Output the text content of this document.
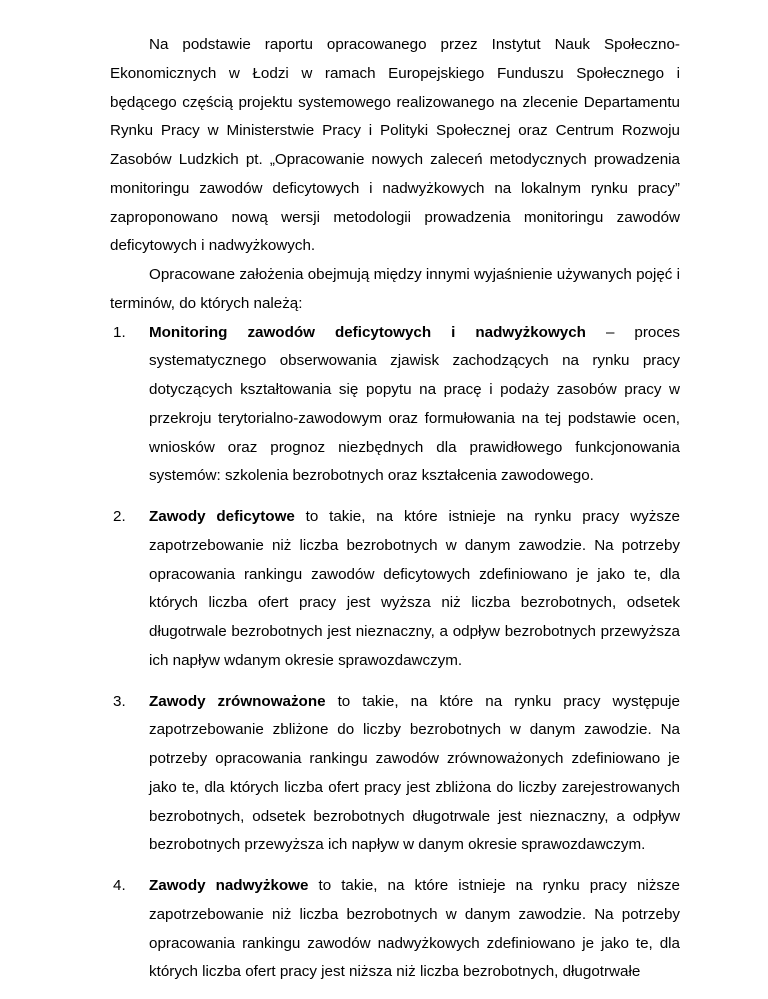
Na podstawie raportu opracowanego przez Instytut Nauk Społeczno-Ekonomicznych w Łodzi w ramach Europejskiego Funduszu Społecznego i będącego częścią projektu systemowego realizowanego na zlecenie Departamentu Rynku Pracy w Ministerstwie Pracy i Polityki Społecznej oraz Centrum Rozwoju Zasobów Ludzkich pt. „Opracowanie nowych zaleceń metodycznych prowadzenia monitoringu zawodów deficytowych i nadwyżkowych na lokalnym rynku pracy” zaproponowano nową wersji metodologii prowadzenia monitoringu zawodów deficytowych i nadwyżkowych.

Opracowane założenia obejmują między innymi wyjaśnienie używanych pojęć i terminów, do których należą:

1. Monitoring zawodów deficytowych i nadwyżkowych – proces systematycznego obserwowania zjawisk zachodzących na rynku pracy dotyczących kształtowania się popytu na pracę i podaży zasobów pracy w przekroju terytorialno-zawodowym oraz formułowania na tej podstawie ocen, wniosków oraz prognoz niezbędnych dla prawidłowego funkcjonowania systemów: szkolenia bezrobotnych oraz kształcenia zawodowego.
2. Zawody deficytowe to takie, na które istnieje na rynku pracy wyższe zapotrzebowanie niż liczba bezrobotnych w danym zawodzie. Na potrzeby opracowania rankingu zawodów deficytowych zdefiniowano je jako te, dla których liczba ofert pracy jest wyższa niż liczba bezrobotnych, odsetek długotrwale bezrobotnych jest nieznaczny, a odpływ bezrobotnych przewyższa ich napływ wdanym okresie sprawozdawczym.
3. Zawody zrównoważone to takie, na które na rynku pracy występuje zapotrzebowanie zbliżone do liczby bezrobotnych w danym zawodzie. Na potrzeby opracowania rankingu zawodów zrównoważonych zdefiniowano je jako te, dla których liczba ofert pracy jest zbliżona do liczby zarejestrowanych bezrobotnych, odsetek bezrobotnych długotrwale jest nieznaczny, a odpływ bezrobotnych przewyższa ich napływ w danym okresie sprawozdawczym.
4. Zawody nadwyżkowe to takie, na które istnieje na rynku pracy niższe zapotrzebowanie niż liczba bezrobotnych w danym zawodzie. Na potrzeby opracowania rankingu zawodów nadwyżkowych zdefiniowano je jako te, dla których liczba ofert pracy jest niższa niż liczba bezrobotnych, długotrwałe
